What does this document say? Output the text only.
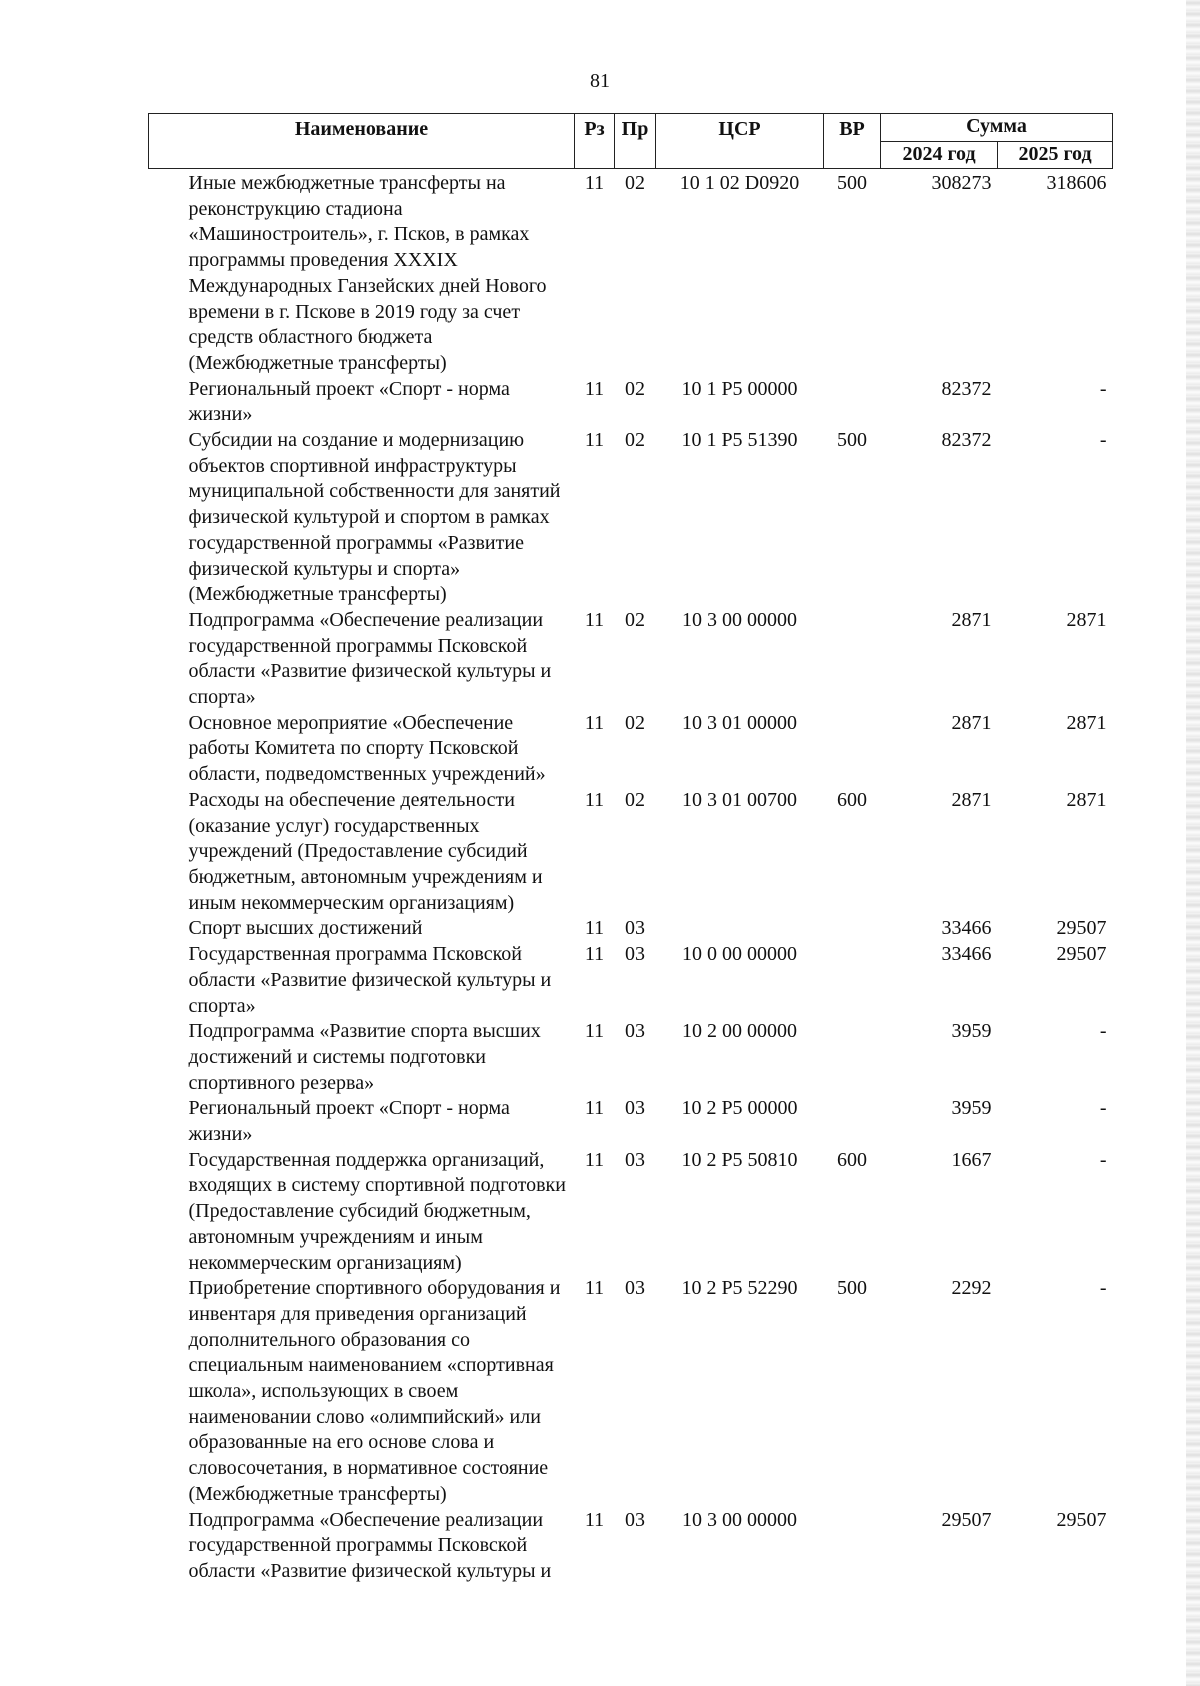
81
Наименование	Рз	Пр	ЦСР	ВР	Сумма	
					2024 год	2025 год
Иные межбюджетные трансферты на реконструкцию стадиона «Машиностроитель», г. Псков, в рамках программы проведения XXXIX Международных Ганзейских дней Нового времени в г. Пскове в 2019 году за счет средств областного бюджета (Межбюджетные трансферты)	11	02	10 1 02 D0920	500	308273	318606
Региональный проект «Спорт - норма жизни»	11	02	10 1 P5 00000		82372	-
Субсидии на создание и модернизацию объектов спортивной инфраструктуры муниципальной собственности для занятий физической культурой и спортом в рамках государственной программы «Развитие физической культуры и спорта» (Межбюджетные трансферты)	11	02	10 1 P5 51390	500	82372	-
Подпрограмма «Обеспечение реализации государственной программы Псковской области «Развитие физической культуры и спорта»	11	02	10 3 00 00000		2871	2871
Основное мероприятие «Обеспечение работы Комитета по спорту Псковской области, подведомственных учреждений»	11	02	10 3 01 00000		2871	2871
Расходы на обеспечение деятельности (оказание услуг) государственных учреждений (Предоставление субсидий бюджетным, автономным учреждениям и иным некоммерческим организациям)	11	02	10 3 01 00700	600	2871	2871
Спорт высших достижений	11	03			33466	29507
Государственная программа Псковской области «Развитие физической культуры и спорта»	11	03	10 0 00 00000		33466	29507
Подпрограмма «Развитие спорта высших достижений и системы подготовки спортивного резерва»	11	03	10 2 00 00000		3959	-
Региональный проект «Спорт - норма жизни»	11	03	10 2 P5 00000		3959	-
Государственная поддержка организаций, входящих в систему спортивной подготовки (Предоставление субсидий бюджетным, автономным учреждениям и иным некоммерческим организациям)	11	03	10 2 P5 50810	600	1667	-
Приобретение спортивного оборудования и инвентаря для приведения организаций дополнительного образования со специальным наименованием «спортивная школа», использующих в своем наименовании слово «олимпийский» или образованные на его основе слова и словосочетания, в нормативное состояние (Межбюджетные трансферты)	11	03	10 2 P5 52290	500	2292	-
Подпрограмма «Обеспечение реализации государственной программы Псковской области «Развитие физической культуры и	11	03	10 3 00 00000		29507	29507
